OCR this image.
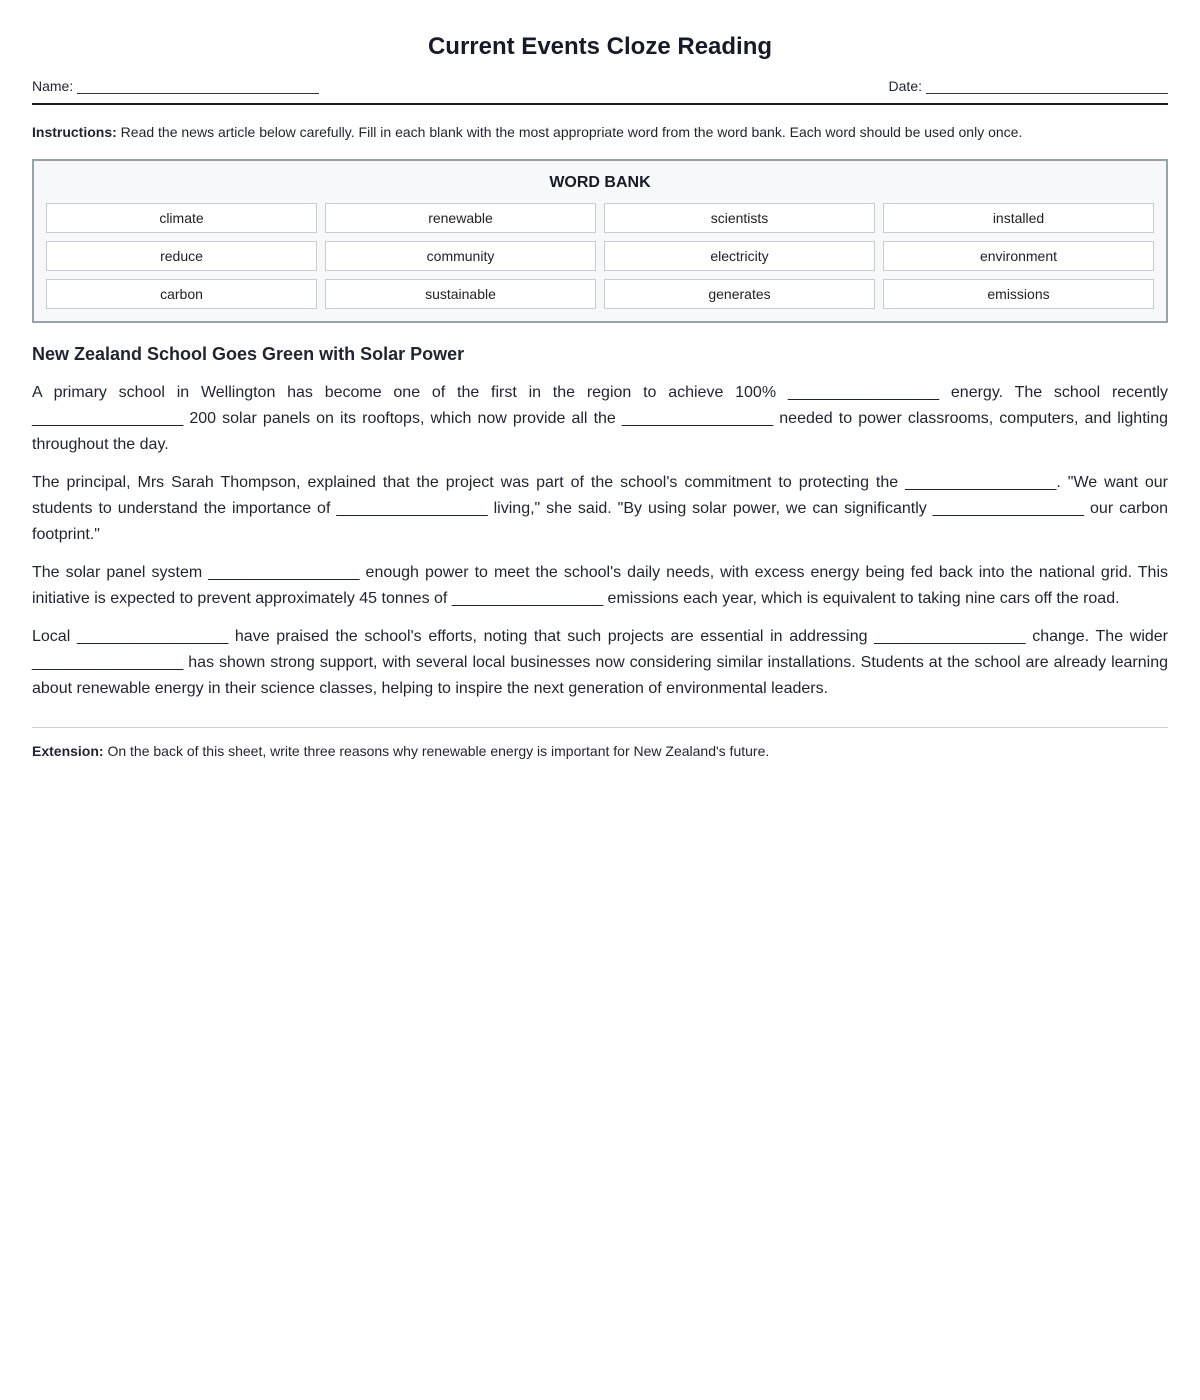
Current Events Cloze Reading
Name:	Date:
Instructions: Read the news article below carefully. Fill in each blank with the most appropriate word from the word bank. Each word should be used only once.
WORD BANK
climate	renewable	scientists	installed
reduce	community	electricity	environment
carbon	sustainable	generates	emissions
New Zealand School Goes Green with Solar Power

A primary school in Wellington has become one of the first in the region to achieve 100% _________________ energy. The school recently _________________ 200 solar panels on its rooftops, which now provide all the _________________ needed to power classrooms, computers, and lighting throughout the day.

The principal, Mrs Sarah Thompson, explained that the project was part of the school's commitment to protecting the _________________. "We want our students to understand the importance of _________________ living," she said. "By using solar power, we can significantly _________________ our carbon footprint."

The solar panel system _________________ enough power to meet the school's daily needs, with excess energy being fed back into the national grid. This initiative is expected to prevent approximately 45 tonnes of _________________ emissions each year, which is equivalent to taking nine cars off the road.

Local _________________ have praised the school's efforts, noting that such projects are essential in addressing _________________ change. The wider _________________ has shown strong support, with several local businesses now considering similar installations. Students at the school are already learning about renewable energy in their science classes, helping to inspire the next generation of environmental leaders.

Extension: On the back of this sheet, write three reasons why renewable energy is important for New Zealand's future.
